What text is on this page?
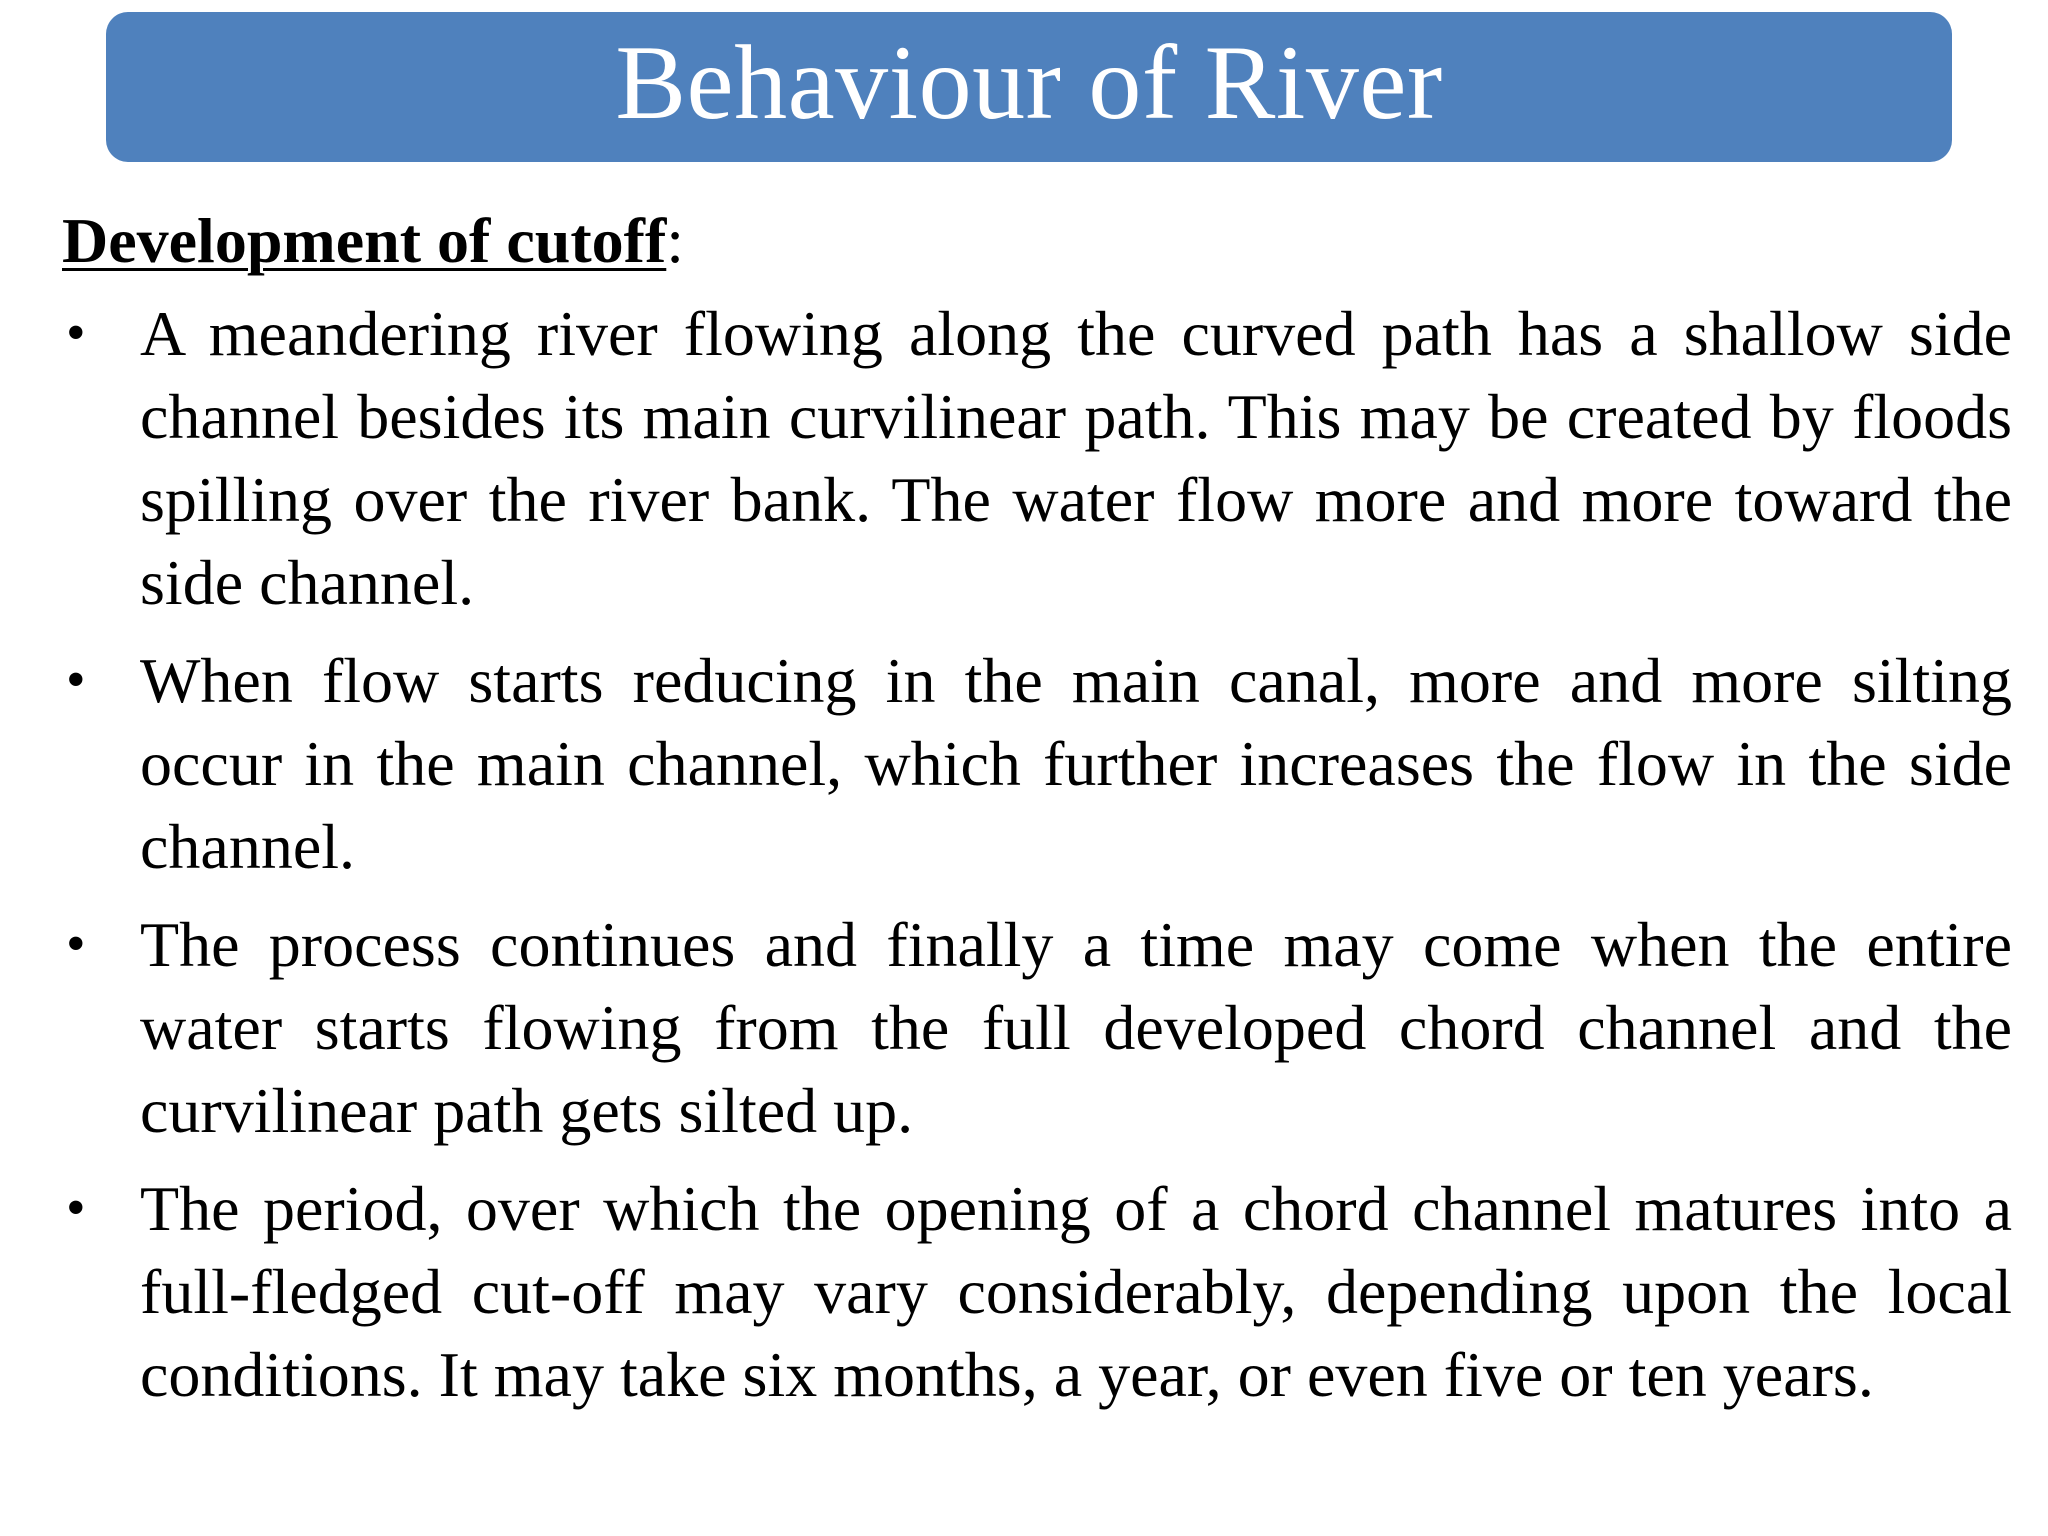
Behaviour of River
Development of cutoff:
• A meandering river flowing along the curved path has a shallow side channel besides its main curvilinear path. This may be created by floods spilling over the river bank. The water flow more and more toward the side channel.
• When flow starts reducing in the main canal, more and more silting occur in the main channel, which further increases the flow in the side channel.
• The process continues and finally a time may come when the entire water starts flowing from the full developed chord channel and the curvilinear path gets silted up.
• The period, over which the opening of a chord channel matures into a full-fledged cut-off may vary considerably, depending upon the local conditions. It may take six months, a year, or even five or ten years.
